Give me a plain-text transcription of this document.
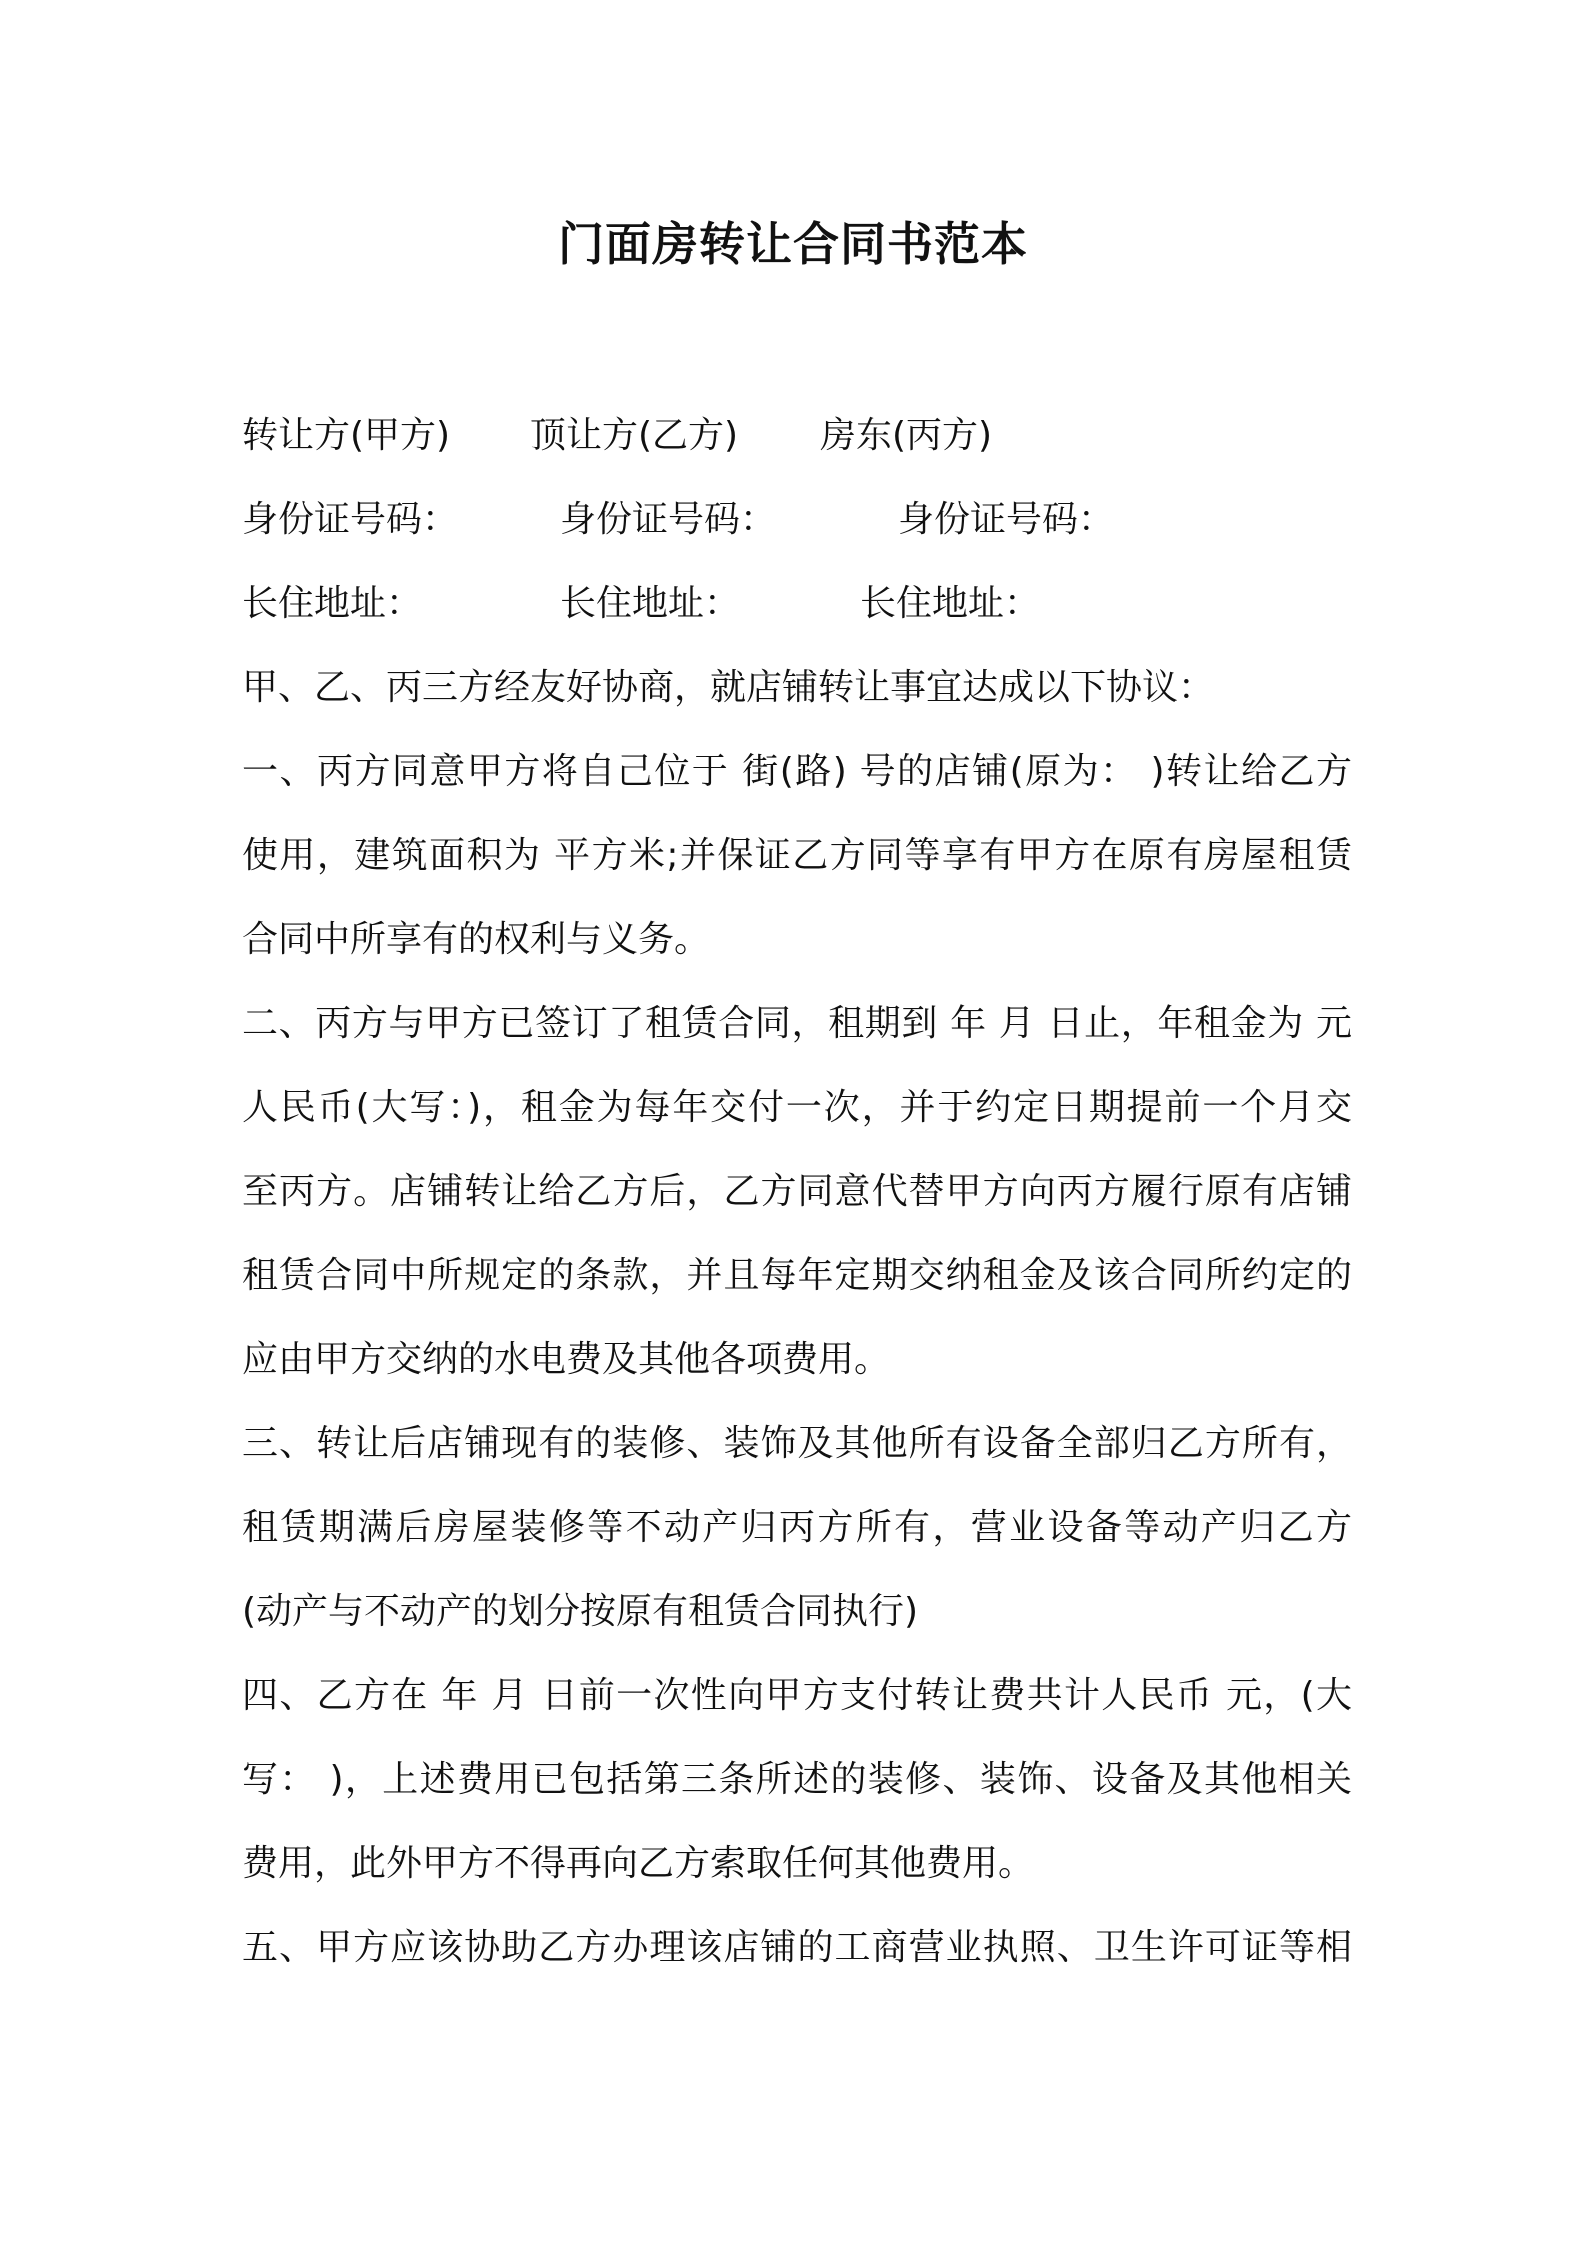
门面房转让合同书范本
转让方(甲方) 顶让方(乙方) 房东(丙方)
身份证号码：	身份证号码：	身份证号码：
长住地址：	长住地址：	长住地址：
甲、乙、丙三方经友好协商，就店铺转让事宜达成以下协议：
一、丙方同意甲方将自己位于 街(路) 号的店铺(原为： )转让给乙方
使用，建筑面积为 平方米;并保证乙方同等享有甲方在原有房屋租赁
合同中所享有的权利与义务。
二、丙方与甲方已签订了租赁合同，租期到 年 月 日止，年租金为 元
人民币(大写：)，租金为每年交付一次，并于约定日期提前一个月交
至丙方。店铺转让给乙方后，乙方同意代替甲方向丙方履行原有店铺
租赁合同中所规定的条款，并且每年定期交纳租金及该合同所约定的
应由甲方交纳的水电费及其他各项费用。
三、转让后店铺现有的装修、装饰及其他所有设备全部归乙方所有，
租赁期满后房屋装修等不动产归丙方所有，营业设备等动产归乙方
(动产与不动产的划分按原有租赁合同执行)
四、乙方在 年 月 日前一次性向甲方支付转让费共计人民币 元，(大
写： )，上述费用已包括第三条所述的装修、装饰、设备及其他相关
费用，此外甲方不得再向乙方索取任何其他费用。
五、甲方应该协助乙方办理该店铺的工商营业执照、卫生许可证等相
